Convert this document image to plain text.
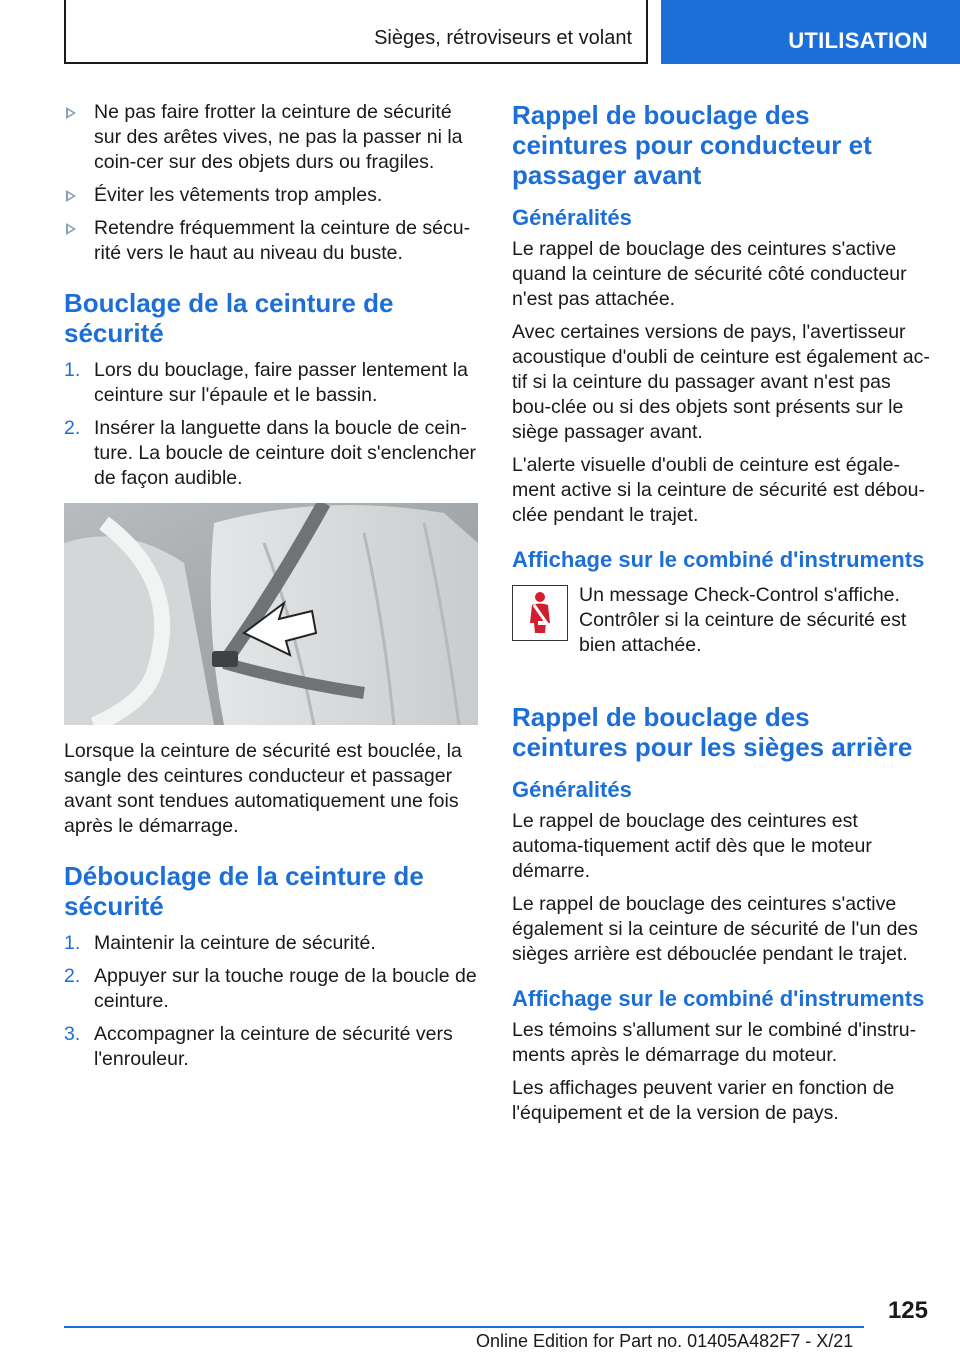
Sièges, rétroviseurs et volant	UTILISATION
Ne pas faire frotter la ceinture de sécurité sur des arêtes vives, ne pas la passer ni la coin-cer sur des objets durs ou fragiles.
Éviter les vêtements trop amples.
Retendre fréquemment la ceinture de sécu-rité vers le haut au niveau du buste.
Bouclage de la ceinture de sécurité
1. Lors du bouclage, faire passer lentement la ceinture sur l'épaule et le bassin.
2. Insérer la languette dans la boucle de cein-ture. La boucle de ceinture doit s'enclencher de façon audible.

Lorsque la ceinture de sécurité est bouclée, la sangle des ceintures conducteur et passager avant sont tendues automatiquement une fois après le démarrage.

Débouclage de la ceinture de sécurité
1. Maintenir la ceinture de sécurité.
2. Appuyer sur la touche rouge de la boucle de ceinture.
3. Accompagner la ceinture de sécurité vers l'enrouleur.
Rappel de bouclage des ceintures pour conducteur et passager avant
Généralités

Le rappel de bouclage des ceintures s'active quand la ceinture de sécurité côté conducteur n'est pas attachée.

Avec certaines versions de pays, l'avertisseur acoustique d'oubli de ceinture est également ac-tif si la ceinture du passager avant n'est pas bou-clée ou si des objets sont présents sur le siège passager avant.

L'alerte visuelle d'oubli de ceinture est égale-ment active si la ceinture de sécurité est débou-clée pendant le trajet.

Affichage sur le combiné d'instruments
Un message Check-Control s'affiche. Contrôler si la ceinture de sécurité est bien attachée.
Rappel de bouclage des ceintures pour les sièges arrière
Généralités

Le rappel de bouclage des ceintures est automa-tiquement actif dès que le moteur démarre.

Le rappel de bouclage des ceintures s'active également si la ceinture de sécurité de l'un des sièges arrière est débouclée pendant le trajet.

Affichage sur le combiné d'instruments

Les témoins s'allument sur le combiné d'instru-ments après le démarrage du moteur.

Les affichages peuvent varier en fonction de l'équipement et de la version de pays.

125
Online Edition for Part no. 01405A482F7 - X/21
